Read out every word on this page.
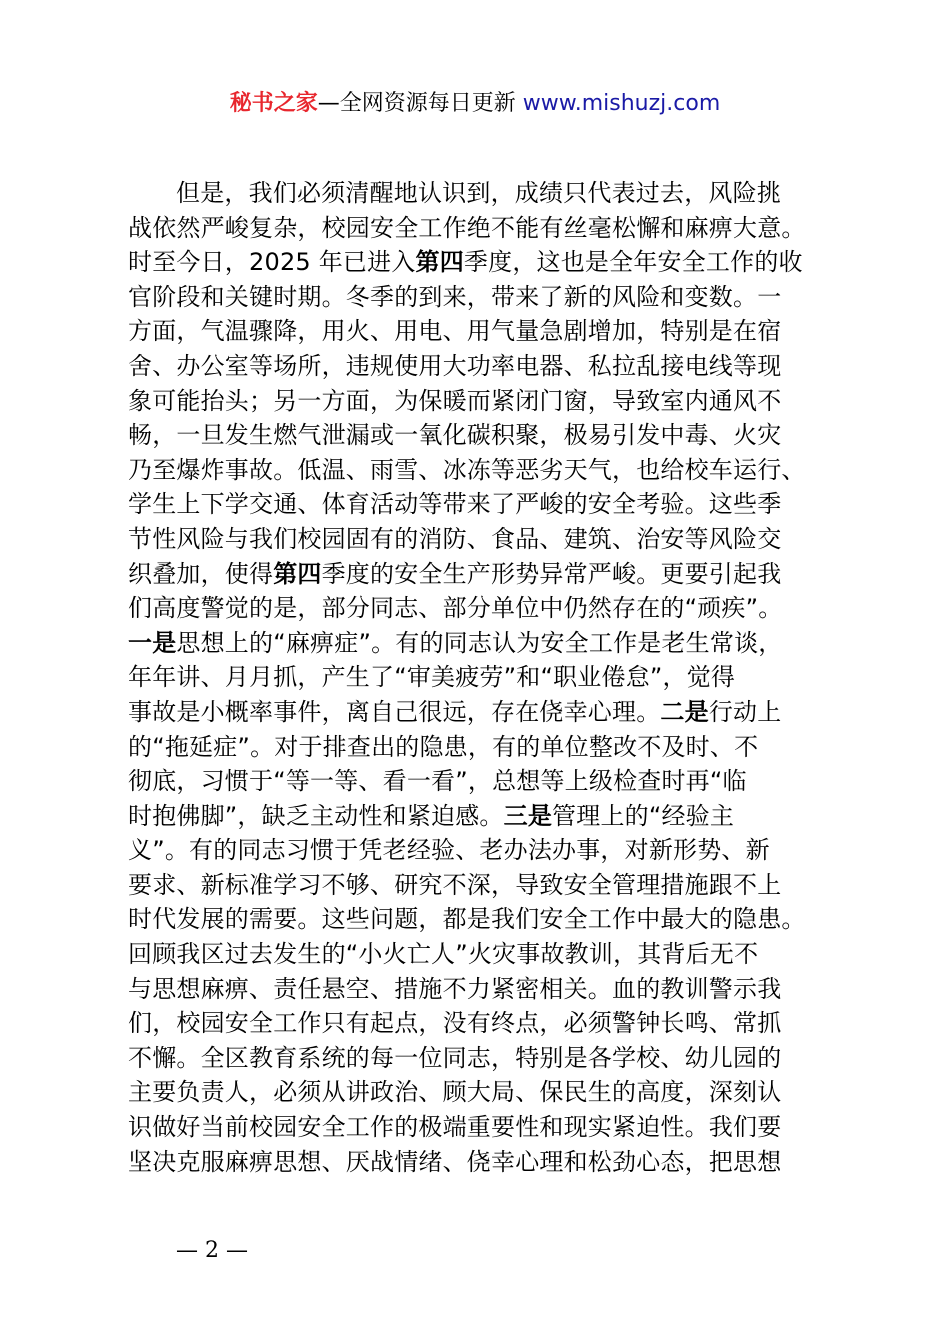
秘书之家—全网资源每日更新 www.mishuzj.com
但是，我们必须清醒地认识到，成绩只代表过去，风险挑
战依然严峻复杂，校园安全工作绝不能有丝毫松懈和麻痹大意。
时至今日，2025 年已进入第四季度，这也是全年安全工作的收
官阶段和关键时期。冬季的到来，带来了新的风险和变数。一
方面，气温骤降，用火、用电、用气量急剧增加，特别是在宿
舍、办公室等场所，违规使用大功率电器、私拉乱接电线等现
象可能抬头；另一方面，为保暖而紧闭门窗，导致室内通风不
畅，一旦发生燃气泄漏或一氧化碳积聚，极易引发中毒、火灾
乃至爆炸事故。低温、雨雪、冰冻等恶劣天气，也给校车运行、
学生上下学交通、体育活动等带来了严峻的安全考验。这些季
节性风险与我们校园固有的消防、食品、建筑、治安等风险交
织叠加，使得第四季度的安全生产形势异常严峻。更要引起我
们高度警觉的是，部分同志、部分单位中仍然存在的“顽疾”。
一是思想上的“麻痹症”。有的同志认为安全工作是老生常谈，
年年讲、月月抓，产生了“审美疲劳”和“职业倦怠”，觉得
事故是小概率事件，离自己很远，存在侥幸心理。二是行动上
的“拖延症”。对于排查出的隐患，有的单位整改不及时、不
彻底，习惯于“等一等、看一看”，总想等上级检查时再“临
时抱佛脚”，缺乏主动性和紧迫感。三是管理上的“经验主
义”。有的同志习惯于凭老经验、老办法办事，对新形势、新
要求、新标准学习不够、研究不深，导致安全管理措施跟不上
时代发展的需要。这些问题，都是我们安全工作中最大的隐患。
回顾我区过去发生的“小火亡人”火灾事故教训，其背后无不
与思想麻痹、责任悬空、措施不力紧密相关。血的教训警示我
们，校园安全工作只有起点，没有终点，必须警钟长鸣、常抓
不懈。全区教育系统的每一位同志，特别是各学校、幼儿园的
主要负责人，必须从讲政治、顾大局、保民生的高度，深刻认
识做好当前校园安全工作的极端重要性和现实紧迫性。我们要
坚决克服麻痹思想、厌战情绪、侥幸心理和松劲心态，把思想
— 2 —
